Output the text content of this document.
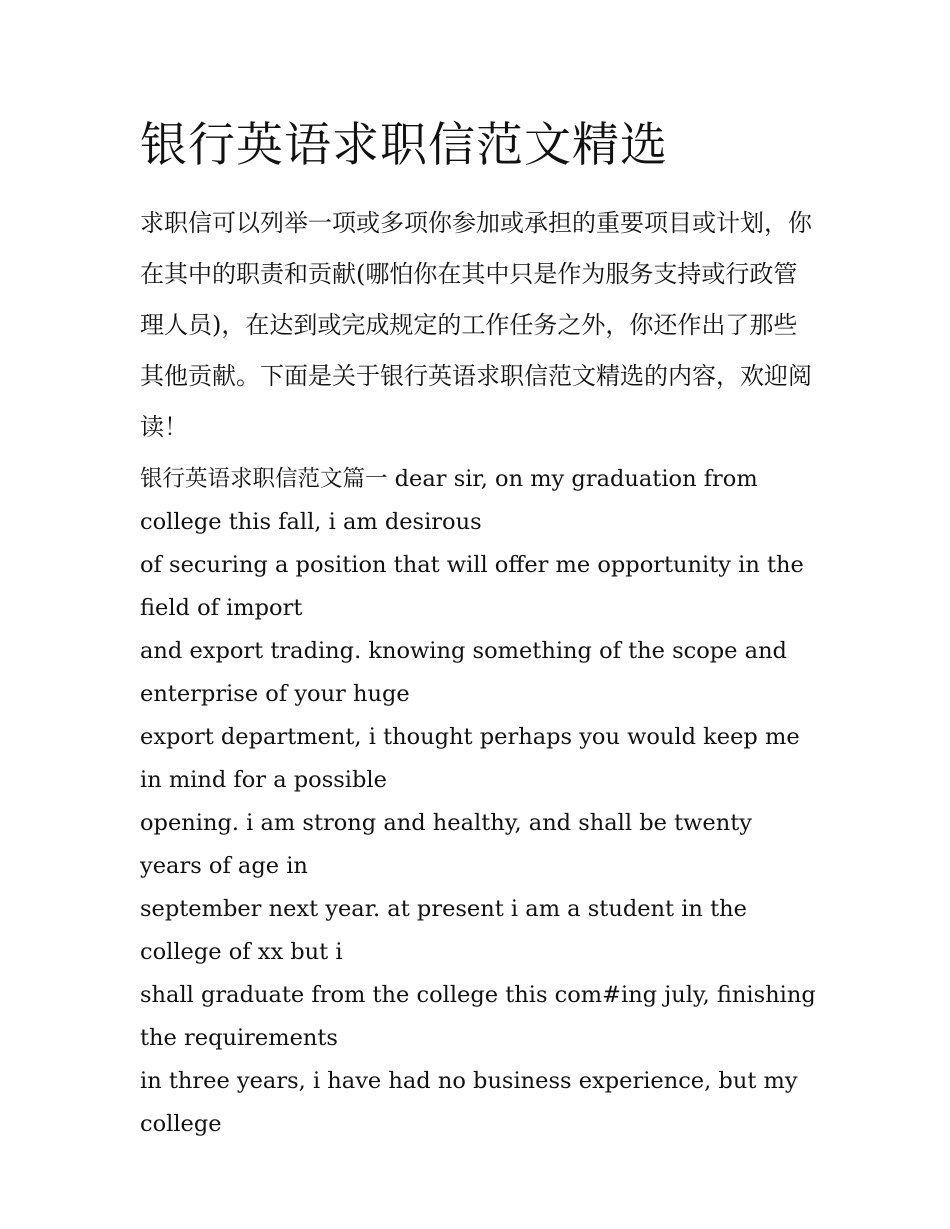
银行英语求职信范文精选

求职信可以列举一项或多项你参加或承担的重要项目或计划，你在其中的职责和贡献(哪怕你在其中只是作为服务支持或行政管理人员)，在达到或完成规定的工作任务之外，你还作出了那些其他贡献。下面是关于银行英语求职信范文精选的内容，欢迎阅读！

银行英语求职信范文篇一 dear sir, on my graduation from college this fall, i am desirous

of securing a position that will offer me opportunity in the field of import

and export trading. knowing something of the scope and enterprise of your huge

export department, i thought perhaps you would keep me in mind for a possible

opening. i am strong and healthy, and shall be twenty years of age in

september next year. at present i am a student in the college of xx but i

shall graduate from the college this com#ing july, finishing the requirements

in three years, i have had no business experience, but my college
